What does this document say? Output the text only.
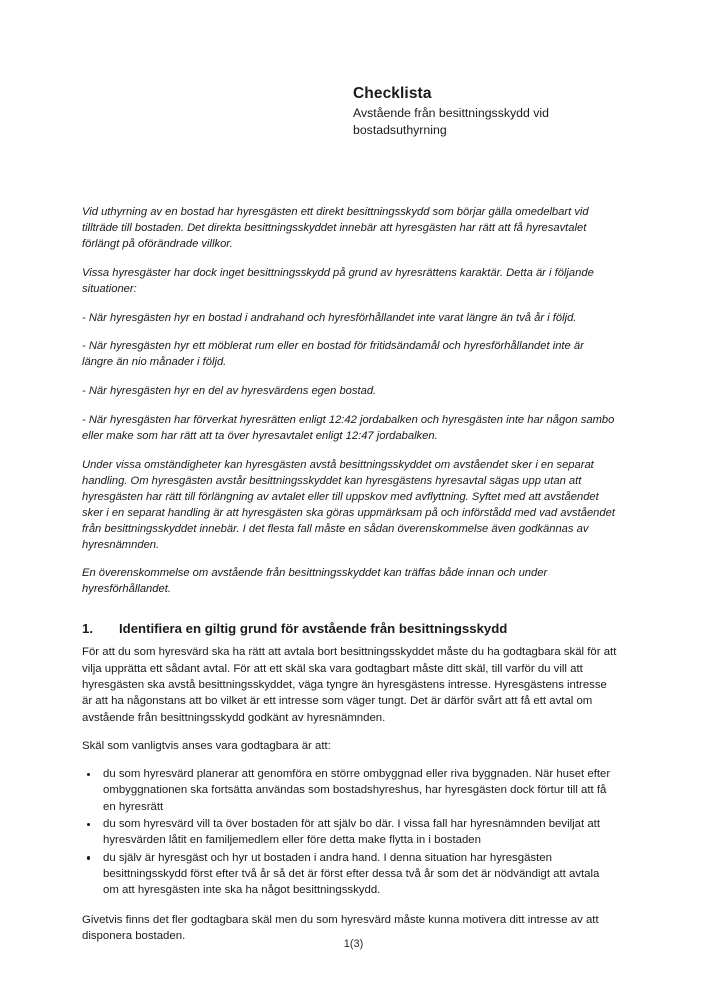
Checklista
Avstående från besittningsskydd vid bostadsuthyrning

Vid uthyrning av en bostad har hyresgästen ett direkt besittningsskydd som börjar gälla omedelbart vid tillträde till bostaden. Det direkta besittningsskyddet innebär att hyresgästen har rätt att få hyresavtalet förlängt på oförändrade villkor.

Vissa hyresgäster har dock inget besittningsskydd på grund av hyresrättens karaktär. Detta är i följande situationer:

- När hyresgästen hyr en bostad i andrahand och hyresförhållandet inte varat längre än två år i följd.

- När hyresgästen hyr ett möblerat rum eller en bostad för fritidsändamål och hyresförhållandet inte är längre än nio månader i följd.

- När hyresgästen hyr en del av hyresvärdens egen bostad.

- När hyresgästen har förverkat hyresrätten enligt 12:42 jordabalken och hyresgästen inte har någon sambo eller make som har rätt att ta över hyresavtalet enligt 12:47 jordabalken.

Under vissa omständigheter kan hyresgästen avstå besittningsskyddet om avståendet sker i en separat handling. Om hyresgästen avstår besittningsskyddet kan hyresgästens hyresavtal sägas upp utan att hyresgästen har rätt till förlängning av avtalet eller till uppskov med avflyttning. Syftet med att avståendet sker i en separat handling är att hyresgästen ska göras uppmärksam på och införstådd med vad avståendet från besittningsskyddet innebär. I det flesta fall måste en sådan överenskommelse även godkännas av hyresnämnden.

En överenskommelse om avstående från besittningsskyddet kan träffas både innan och under hyresförhållandet.

1.	Identifiera en giltig grund för avstående från besittningsskydd

För att du som hyresvärd ska ha rätt att avtala bort besittningsskyddet måste du ha godtagbara skäl för att vilja upprätta ett sådant avtal. För att ett skäl ska vara godtagbart måste ditt skäl, till varför du vill att hyresgästen ska avstå besittningsskyddet, väga tyngre än hyresgästens intresse. Hyresgästens intresse är att ha någonstans att bo vilket är ett intresse som väger tungt. Det är därför svårt att få ett avtal om avstående från besittningsskydd godkänt av hyresnämnden.

Skäl som vanligtvis anses vara godtagbara är att:

du som hyresvärd planerar att genomföra en större ombyggnad eller riva byggnaden. När huset efter ombyggnationen ska fortsätta användas som bostadshyreshus, har hyresgästen dock förtur till att få en hyresrätt
du som hyresvärd vill ta över bostaden för att själv bo där. I vissa fall har hyresnämnden beviljat att hyresvärden låtit en familjemedlem eller före detta make flytta in i bostaden
du själv är hyresgäst och hyr ut bostaden i andra hand. I denna situation har hyresgästen besittningsskydd först efter två år så det är först efter dessa två år som det är nödvändigt att avtala om att hyresgästen inte ska ha något besittningsskydd.

Givetvis finns det fler godtagbara skäl men du som hyresvärd måste kunna motivera ditt intresse av att disponera bostaden.

1(3)
